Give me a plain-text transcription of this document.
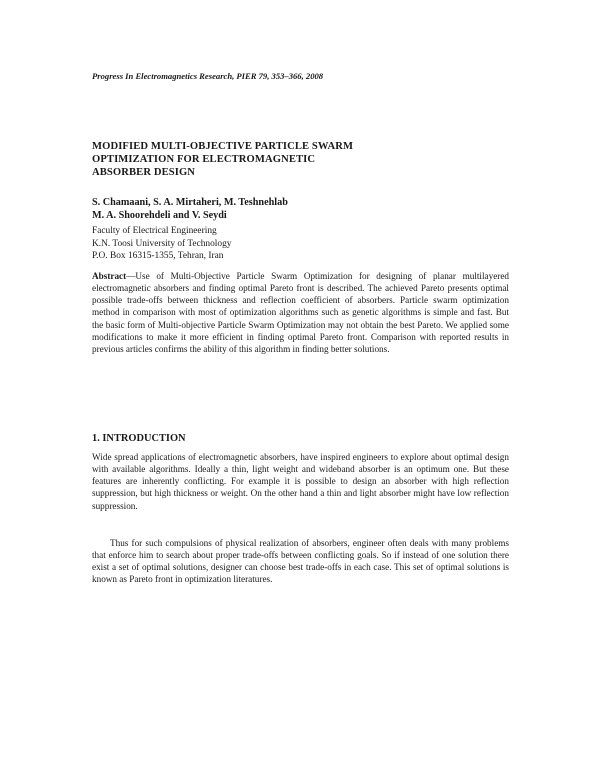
Progress In Electromagnetics Research, PIER 79, 353–366, 2008
MODIFIED MULTI-OBJECTIVE PARTICLE SWARM
OPTIMIZATION FOR ELECTROMAGNETIC
ABSORBER DESIGN
S. Chamaani, S. A. Mirtaheri, M. Teshnehlab
M. A. Shoorehdeli and V. Seydi
Faculty of Electrical Engineering
K.N. Toosi University of Technology
P.O. Box 16315-1355, Tehran, Iran
Abstract—Use of Multi-Objective Particle Swarm Optimization for designing of planar multilayered electromagnetic absorbers and finding optimal Pareto front is described. The achieved Pareto presents optimal possible trade-offs between thickness and reflection coefficient of absorbers. Particle swarm optimization method in comparison with most of optimization algorithms such as genetic algorithms is simple and fast. But the basic form of Multi-objective Particle Swarm Optimization may not obtain the best Pareto. We applied some modifications to make it more efficient in finding optimal Pareto front. Comparison with reported results in previous articles confirms the ability of this algorithm in finding better solutions.
1. INTRODUCTION

Wide spread applications of electromagnetic absorbers, have inspired engineers to explore about optimal design with available algorithms. Ideally a thin, light weight and wideband absorber is an optimum one. But these features are inherently conflicting. For example it is possible to design an absorber with high reflection suppression, but high thickness or weight. On the other hand a thin and light absorber might have low reflection suppression.

Thus for such compulsions of physical realization of absorbers, engineer often deals with many problems that enforce him to search about proper trade-offs between conflicting goals. So if instead of one solution there exist a set of optimal solutions, designer can choose best trade-offs in each case. This set of optimal solutions is known as Pareto front in optimization literatures.
